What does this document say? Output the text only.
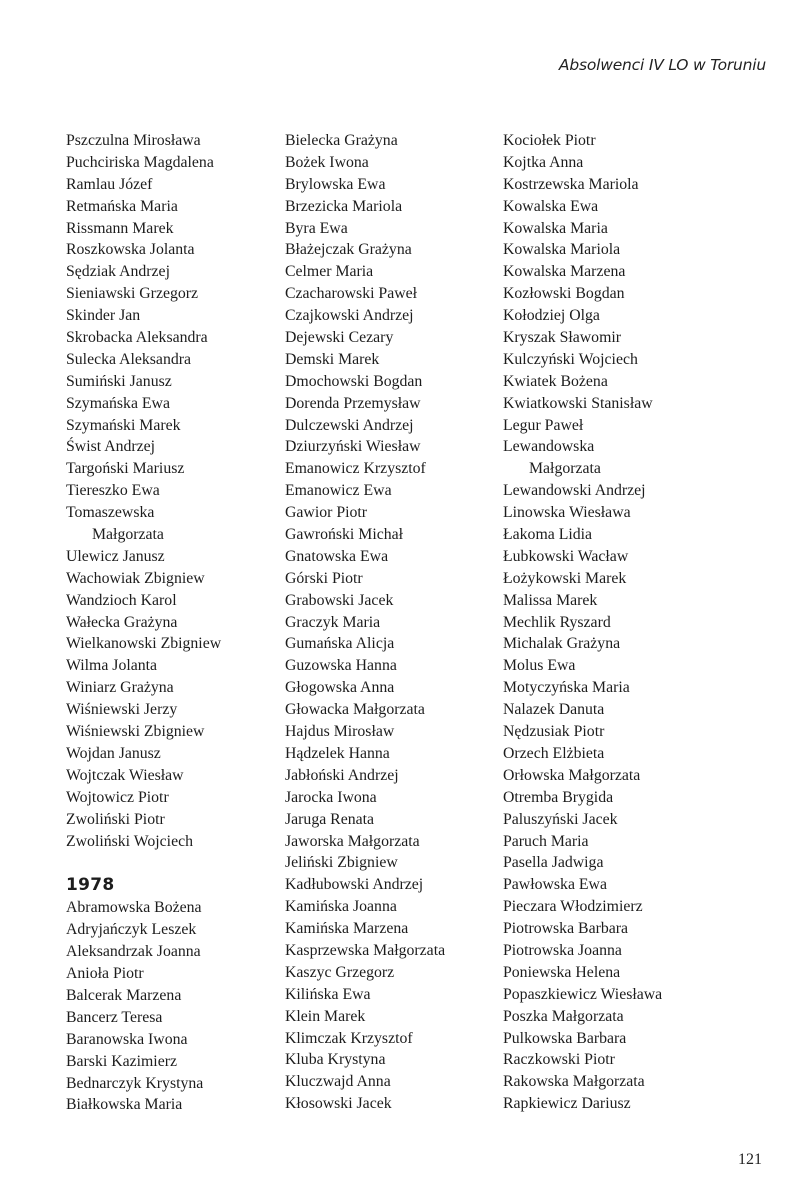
Absolwenci IV LO w Toruniu
Pszczulna Mirosława
Puchciriska Magdalena
Ramlau Józef
Retmańska Maria
Rissmann Marek
Roszkowska Jolanta
Sędziak Andrzej
Sieniawski Grzegorz
Skinder Jan
Skrobacka Aleksandra
Sulecka Aleksandra
Sumiński Janusz
Szymańska Ewa
Szymański Marek
Świst Andrzej
Targoński Mariusz
Tiereszko Ewa
Tomaszewska
Małgorzata
Ulewicz Janusz
Wachowiak Zbigniew
Wandzioch Karol
Wałecka Grażyna
Wielkanowski Zbigniew
Wilma Jolanta
Winiarz Grażyna
Wiśniewski Jerzy
Wiśniewski Zbigniew
Wojdan Janusz
Wojtczak Wiesław
Wojtowicz Piotr
Zwoliński Piotr
Zwoliński Wojciech
1978
Abramowska Bożena
Adryjańczyk Leszek
Aleksandrzak Joanna
Anioła Piotr
Balcerak Marzena
Bancerz Teresa
Baranowska Iwona
Barski Kazimierz
Bednarczyk Krystyna
Białkowska Maria
Bielecka Grażyna
Bożek Iwona
Brylowska Ewa
Brzezicka Mariola
Byra Ewa
Błażejczak Grażyna
Celmer Maria
Czacharowski Paweł
Czajkowski Andrzej
Dejewski Cezary
Demski Marek
Dmochowski Bogdan
Dorenda Przemysław
Dulczewski Andrzej
Dziurzyński Wiesław
Emanowicz Krzysztof
Emanowicz Ewa
Gawior Piotr
Gawroński Michał
Gnatowska Ewa
Górski Piotr
Grabowski Jacek
Graczyk Maria
Gumańska Alicja
Guzowska Hanna
Głogowska Anna
Głowacka Małgorzata
Hajdus Mirosław
Hądzelek Hanna
Jabłoński Andrzej
Jarocka Iwona
Jaruga Renata
Jaworska Małgorzata
Jeliński Zbigniew
Kadłubowski Andrzej
Kamińska Joanna
Kamińska Marzena
Kasprzewska Małgorzata
Kaszyc Grzegorz
Kilińska Ewa
Klein Marek
Klimczak Krzysztof
Kluba Krystyna
Kluczwajd Anna
Kłosowski Jacek
Kociołek Piotr
Kojtka Anna
Kostrzewska Mariola
Kowalska Ewa
Kowalska Maria
Kowalska Mariola
Kowalska Marzena
Kozłowski Bogdan
Kołodziej Olga
Kryszak Sławomir
Kulczyński Wojciech
Kwiatek Bożena
Kwiatkowski Stanisław
Legur Paweł
Lewandowska
Małgorzata
Lewandowski Andrzej
Linowska Wiesława
Łakoma Lidia
Łubkowski Wacław
Łożykowski Marek
Malissa Marek
Mechlik Ryszard
Michalak Grażyna
Molus Ewa
Motyczyńska Maria
Nalazek Danuta
Nędzusiak Piotr
Orzech Elżbieta
Orłowska Małgorzata
Otremba Brygida
Paluszyński Jacek
Paruch Maria
Pasella Jadwiga
Pawłowska Ewa
Pieczara Włodzimierz
Piotrowska Barbara
Piotrowska Joanna
Poniewska Helena
Popaszkiewicz Wiesława
Poszka Małgorzata
Pulkowska Barbara
Raczkowski Piotr
Rakowska Małgorzata
Rapkiewicz Dariusz
121
